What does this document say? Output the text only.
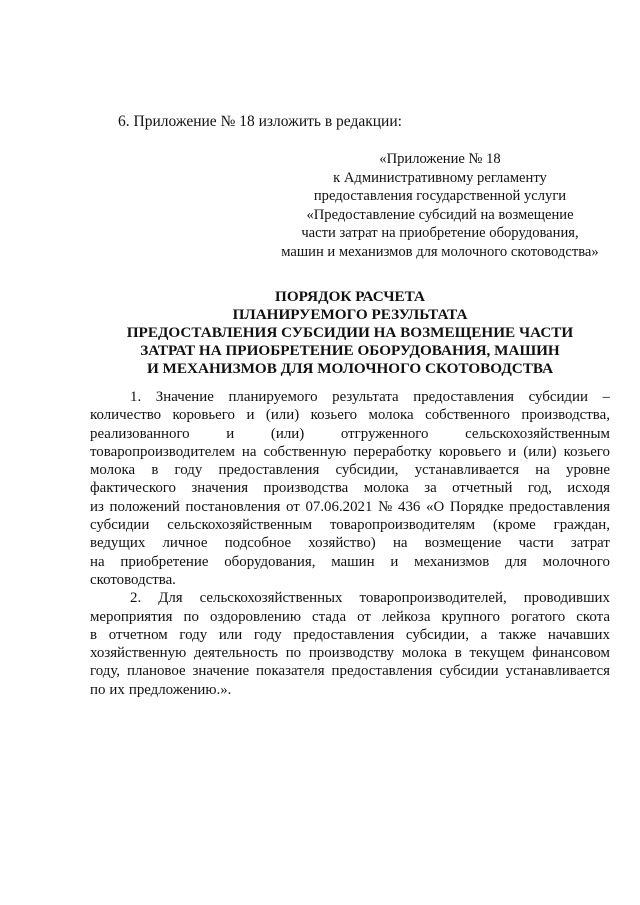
6. Приложение № 18 изложить в редакции:
«Приложение № 18
к Административному регламенту
предоставления государственной услуги
«Предоставление субсидий на возмещение
части затрат на приобретение оборудования,
машин и механизмов для молочного скотоводства»
ПОРЯДОК РАСЧЕТА
ПЛАНИРУЕМОГО РЕЗУЛЬТАТА
ПРЕДОСТАВЛЕНИЯ СУБСИДИИ НА ВОЗМЕЩЕНИЕ ЧАСТИ
ЗАТРАТ НА ПРИОБРЕТЕНИЕ ОБОРУДОВАНИЯ, МАШИН
И МЕХАНИЗМОВ ДЛЯ МОЛОЧНОГО СКОТОВОДСТВА
1. Значение планируемого результата предоставления субсидии –
количество коровьего и (или) козьего молока собственного производства,
реализованного и (или) отгруженного сельскохозяйственным
товаропроизводителем на собственную переработку коровьего и (или) козьего
молока в году предоставления субсидии, устанавливается на уровне
фактического значения производства молока за отчетный год, исходя
из положений постановления от 07.06.2021 № 436 «О Порядке предоставления
субсидии сельскохозяйственным товаропроизводителям (кроме граждан,
ведущих личное подсобное хозяйство) на возмещение части затрат
на приобретение оборудования, машин и механизмов для молочного
скотоводства.
2. Для сельскохозяйственных товаропроизводителей, проводивших
мероприятия по оздоровлению стада от лейкоза крупного рогатого скота
в отчетном году или году предоставления субсидии, а также начавших
хозяйственную деятельность по производству молока в текущем финансовом
году, плановое значение показателя предоставления субсидии устанавливается
по их предложению.».
